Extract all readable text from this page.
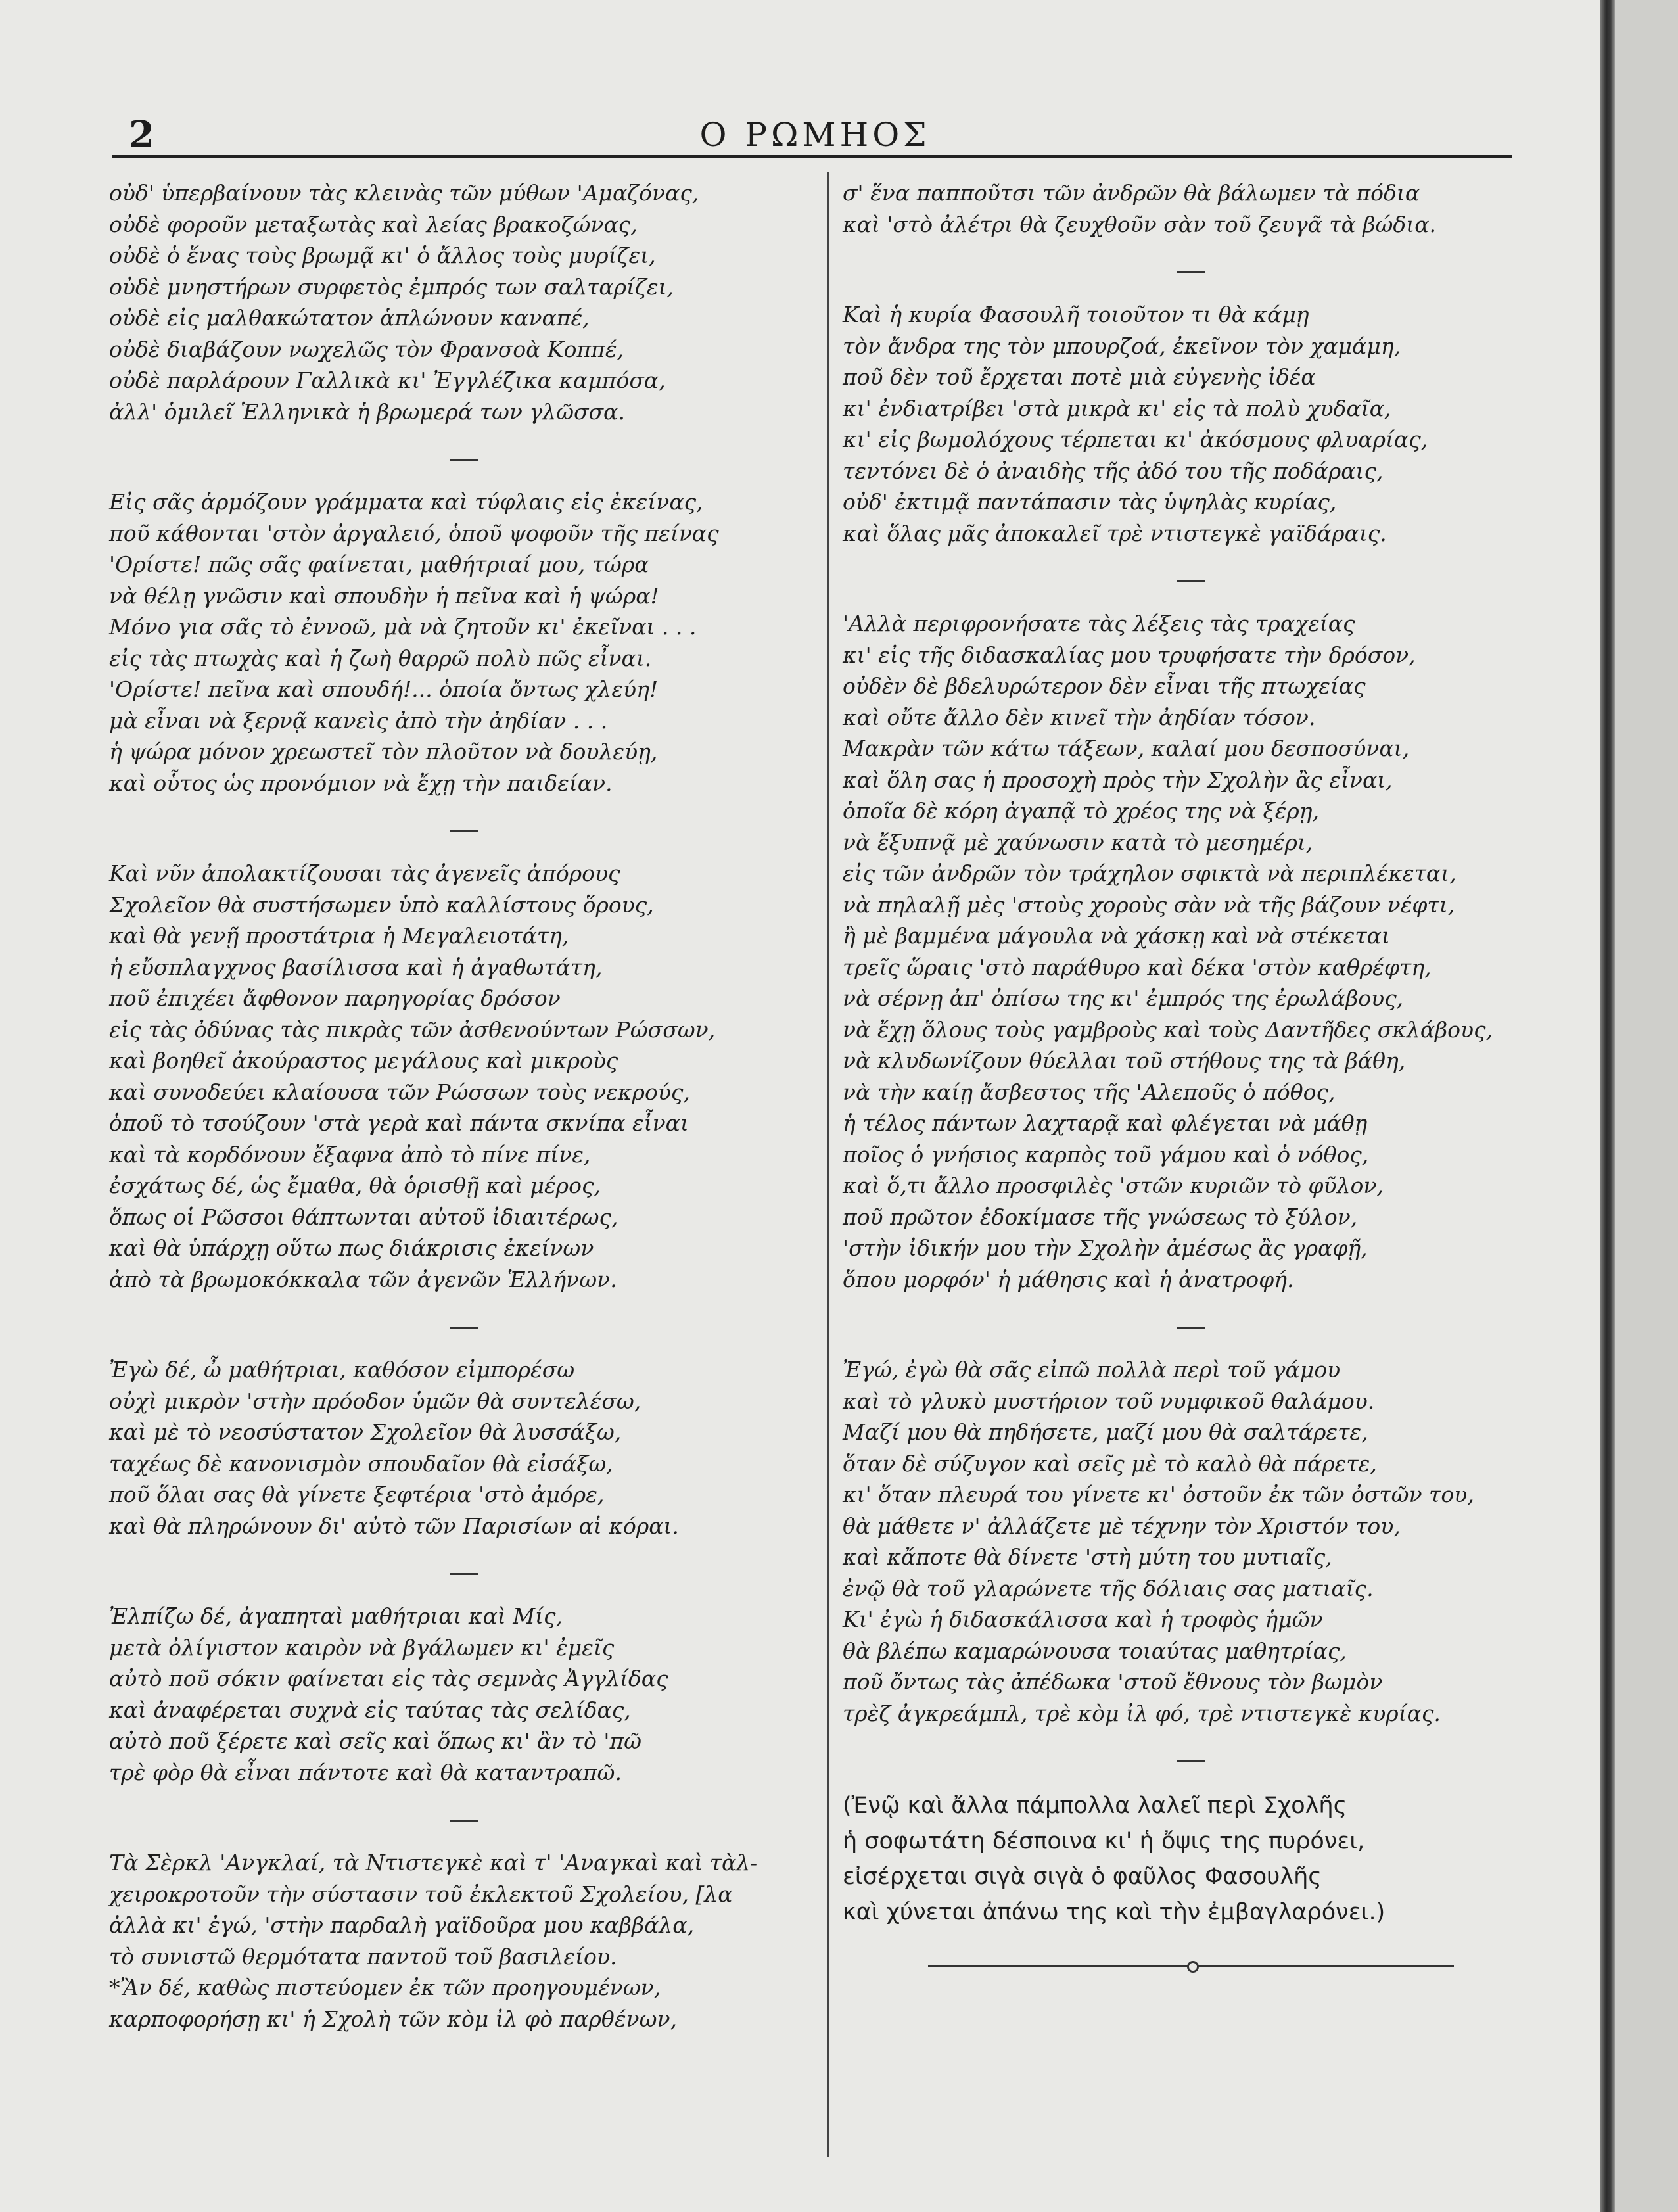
2	Ο ΡΩΜΗΟΣ
οὐδ' ὑπερβαίνουν τὰς κλεινὰς τῶν μύθων 'Αμαζόνας,
οὐδὲ φοροῦν μεταξωτὰς καὶ λείας βρακοζώνας,
οὐδὲ ὁ ἕνας τοὺς βρωμᾷ κι' ὁ ἄλλος τοὺς μυρίζει,
οὐδὲ μνηστήρων συρφετὸς ἐμπρός των σαλταρίζει,
οὐδὲ εἰς μαλθακώτατον ἁπλώνουν καναπέ,
οὐδὲ διαβάζουν νωχελῶς τὸν Φρανσοὰ Κοππέ,
οὐδὲ παρλάρουν Γαλλικὰ κι' Ἐγγλέζικα καμπόσα,
ἀλλ' ὁμιλεῖ Ἑλληνικὰ ἡ βρωμερά των γλῶσσα.
Εἰς σᾶς ἁρμόζουν γράμματα καὶ τύφλαις εἰς ἐκείνας,
ποῦ κάθονται 'στὸν ἀργαλειό, ὁποῦ ψοφοῦν τῆς πείνας
'Ορίστε! πῶς σᾶς φαίνεται, μαθήτριαί μου, τώρα
νὰ θέλῃ γνῶσιν καὶ σπουδὴν ἡ πεῖνα καὶ ἡ ψώρα!
Μόνο για σᾶς τὸ ἐννοῶ, μὰ νὰ ζητοῦν κι' ἐκεῖναι . . .
εἰς τὰς πτωχὰς καὶ ἡ ζωὴ θαρρῶ πολὺ πῶς εἶναι.
'Ορίστε! πεῖνα καὶ σπουδή!... ὁποία ὄντως χλεύη!
μὰ εἶναι νὰ ξερνᾷ κανεὶς ἀπὸ τὴν ἀηδίαν . . .
ἡ ψώρα μόνον χρεωστεῖ τὸν πλοῦτον νὰ δουλεύῃ,
καὶ οὗτος ὡς προνόμιον νὰ ἔχῃ τὴν παιδείαν.
Καὶ νῦν ἀπολακτίζουσαι τὰς ἀγενεῖς ἀπόρους
Σχολεῖον θὰ συστήσωμεν ὑπὸ καλλίστους ὅρους,
καὶ θὰ γενῇ προστάτρια ἡ Μεγαλειοτάτη,
ἡ εὔσπλαγχνος βασίλισσα καὶ ἡ ἀγαθωτάτη,
ποῦ ἐπιχέει ἄφθονον παρηγορίας δρόσον
εἰς τὰς ὀδύνας τὰς πικρὰς τῶν ἀσθενούντων Ρώσσων,
καὶ βοηθεῖ ἀκούραστος μεγάλους καὶ μικροὺς
καὶ συνοδεύει κλαίουσα τῶν Ρώσσων τοὺς νεκρούς,
ὁποῦ τὸ τσούζουν 'στὰ γερὰ καὶ πάντα σκνίπα εἶναι
καὶ τὰ κορδόνουν ἔξαφνα ἀπὸ τὸ πίνε πίνε,
ἐσχάτως δέ, ὡς ἔμαθα, θὰ ὁρισθῇ καὶ μέρος,
ὅπως οἱ Ρῶσσοι θάπτωνται αὐτοῦ ἰδιαιτέρως,
καὶ θὰ ὑπάρχῃ οὕτω πως διάκρισις ἐκείνων
ἀπὸ τὰ βρωμοκόκκαλα τῶν ἀγενῶν Ἑλλήνων.
Ἐγὼ δέ, ὦ μαθήτριαι, καθόσον εἰμπορέσω
οὐχὶ μικρὸν 'στὴν πρόοδον ὑμῶν θὰ συντελέσω,
καὶ μὲ τὸ νεοσύστατον Σχολεῖον θὰ λυσσάξω,
ταχέως δὲ κανονισμὸν σπουδαῖον θὰ εἰσάξω,
ποῦ ὅλαι σας θὰ γίνετε ξεφτέρια 'στὸ ἀμόρε,
καὶ θὰ πληρώνουν δι' αὐτὸ τῶν Παρισίων αἱ κόραι.
Ἐλπίζω δέ, ἀγαπηταὶ μαθήτριαι καὶ Μίς,
μετὰ ὀλίγιστον καιρὸν νὰ βγάλωμεν κι' ἐμεῖς
αὐτὸ ποῦ σόκιν φαίνεται εἰς τὰς σεμνὰς Ἀγγλίδας
καὶ ἀναφέρεται συχνὰ εἰς ταύτας τὰς σελίδας,
αὐτὸ ποῦ ξέρετε καὶ σεῖς καὶ ὅπως κι' ἂν τὸ 'πῶ
τρὲ φὸρ θὰ εἶναι πάντοτε καὶ θὰ καταντραπῶ.
Τὰ Σὲρκλ 'Ανγκλαί, τὰ Ντιστεγκὲ καὶ τ' 'Αναγκαὶ καὶ τὰλ-
χειροκροτοῦν τὴν σύστασιν τοῦ ἐκλεκτοῦ Σχολείου, [λα
ἀλλὰ κι' ἐγώ, 'στὴν παρδαλὴ γαϊδοῦρα μου καββάλα,
τὸ συνιστῶ θερμότατα παντοῦ τοῦ βασιλείου.
*Ἂν δέ, καθὼς πιστεύομεν ἐκ τῶν προηγουμένων,
καρποφορήσῃ κι' ἡ Σχολὴ τῶν κὸμ ἰλ φὸ παρθένων,
σ' ἕνα παπποῦτσι τῶν ἀνδρῶν θὰ βάλωμεν τὰ πόδια
καὶ 'στὸ ἀλέτρι θὰ ζευχθοῦν σὰν τοῦ ζευγᾶ τὰ βώδια.
Καὶ ἡ κυρία Φασουλῆ τοιοῦτον τι θὰ κάμῃ
τὸν ἄνδρα της τὸν μπουρζοά, ἐκεῖνον τὸν χαμάμη,
ποῦ δὲν τοῦ ἔρχεται ποτὲ μιὰ εὐγενὴς ἰδέα
κι' ἐνδιατρίβει 'στὰ μικρὰ κι' εἰς τὰ πολὺ χυδαῖα,
κι' εἰς βωμολόχους τέρπεται κι' ἀκόσμους φλυαρίας,
τεντόνει δὲ ὁ ἀναιδὴς τῆς ἀδό του τῆς ποδάραις,
οὐδ' ἐκτιμᾷ παντάπασιν τὰς ὑψηλὰς κυρίας,
καὶ ὅλας μᾶς ἀποκαλεῖ τρὲ ντιστεγκὲ γαϊδάραις.
'Αλλὰ περιφρονήσατε τὰς λέξεις τὰς τραχείας
κι' εἰς τῆς διδασκαλίας μου τρυφήσατε τὴν δρόσον,
οὐδὲν δὲ βδελυρώτερον δὲν εἶναι τῆς πτωχείας
καὶ οὔτε ἄλλο δὲν κινεῖ τὴν ἀηδίαν τόσον.
Μακρὰν τῶν κάτω τάξεων, καλαί μου δεσποσύναι,
καὶ ὅλη σας ἡ προσοχὴ πρὸς τὴν Σχολὴν ἂς εἶναι,
ὁποῖα δὲ κόρη ἀγαπᾷ τὸ χρέος της νὰ ξέρῃ,
νὰ ἔξυπνᾷ μὲ χαύνωσιν κατὰ τὸ μεσημέρι,
εἰς τῶν ἀνδρῶν τὸν τράχηλον σφικτὰ νὰ περιπλέκεται,
νὰ πηλαλῇ μὲς 'στοὺς χοροὺς σὰν νὰ τῆς βάζουν νέφτι,
ἢ μὲ βαμμένα μάγουλα νὰ χάσκῃ καὶ νὰ στέκεται
τρεῖς ὥραις 'στὸ παράθυρο καὶ δέκα 'στὸν καθρέφτη,
νὰ σέρνῃ ἀπ' ὀπίσω της κι' ἐμπρός της ἐρωλάβους,
νὰ ἔχῃ ὅλους τοὺς γαμβροὺς καὶ τοὺς Δαντῆδες σκλάβους,
νὰ κλυδωνίζουν θύελλαι τοῦ στήθους της τὰ βάθη,
νὰ τὴν καίῃ ἄσβεστος τῆς 'Αλεποῦς ὁ πόθος,
ἡ τέλος πάντων λαχταρᾷ καὶ φλέγεται νὰ μάθῃ
ποῖος ὁ γνήσιος καρπὸς τοῦ γάμου καὶ ὁ νόθος,
καὶ ὅ,τι ἄλλο προσφιλὲς 'στῶν κυριῶν τὸ φῦλον,
ποῦ πρῶτον ἐδοκίμασε τῆς γνώσεως τὸ ξύλον,
'στὴν ἰδικήν μου τὴν Σχολὴν ἀμέσως ἂς γραφῇ,
ὅπου μορφόν' ἡ μάθησις καὶ ἡ ἀνατροφή.
Ἐγώ, ἐγὼ θὰ σᾶς εἰπῶ πολλὰ περὶ τοῦ γάμου
καὶ τὸ γλυκὺ μυστήριον τοῦ νυμφικοῦ θαλάμου.
Μαζί μου θὰ πηδήσετε, μαζί μου θὰ σαλτάρετε,
ὅταν δὲ σύζυγον καὶ σεῖς μὲ τὸ καλὸ θὰ πάρετε,
κι' ὅταν πλευρά του γίνετε κι' ὀστοῦν ἐκ τῶν ὀστῶν του,
θὰ μάθετε ν' ἀλλάζετε μὲ τέχνην τὸν Χριστόν του,
καὶ κἄποτε θὰ δίνετε 'στὴ μύτη του μυτιαῖς,
ἐνῷ θὰ τοῦ γλαρώνετε τῆς δόλιαις σας ματιαῖς.
Κι' ἐγὼ ἡ διδασκάλισσα καὶ ἡ τροφὸς ἡμῶν
θὰ βλέπω καμαρώνουσα τοιαύτας μαθητρίας,
ποῦ ὄντως τὰς ἀπέδωκα 'στοῦ ἔθνους τὸν βωμὸν
τρὲζ ἀγκρεάμπλ, τρὲ κὸμ ἰλ φό, τρὲ ντιστεγκὲ κυρίας.
(Ἐνῷ καὶ ἄλλα πάμπολλα λαλεῖ περὶ Σχολῆς
ἡ σοφωτάτη δέσποινα κι' ἡ ὄψις της πυρόνει,
εἰσέρχεται σιγὰ σιγὰ ὁ φαῦλος Φασουλῆς
καὶ χύνεται ἀπάνω της καὶ τὴν ἐμβαγλαρόνει.)
